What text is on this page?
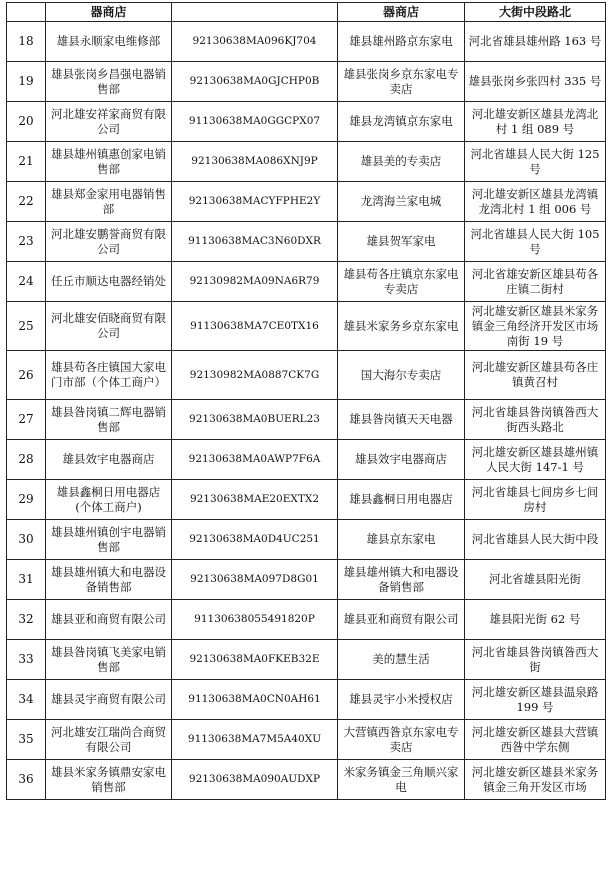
	器商店		器商店	大街中段路北
18	雄县永顺家电维修部	92130638MA096KJ704	雄县雄州路京东家电	河北省雄县雄州路 163 号
19	雄县张岗乡昌强电器销售部	92130638MA0GJCHP0B	雄县张岗乡京东家电专卖店	雄县张岗乡张四村 335 号
20	河北雄安祥家商贸有限公司	91130638MA0GGCPX07	雄县龙湾镇京东家电	河北雄安新区雄县龙湾北村 1 组 089 号
21	雄县雄州镇惠创家电销售部	92130638MA086XNJ9P	雄县美的专卖店	河北省雄县人民大街 125 号
22	雄县郑金家用电器销售部	92130638MACYFPHE2Y	龙湾海兰家电城	河北雄安新区雄县龙湾镇龙湾北村 1 组 006 号
23	河北雄安鹏誉商贸有限公司	91130638MAC3N60DXR	雄县贺军家电	河北省雄县人民大街 105 号
24	任丘市顺达电器经销处	92130982MA09NA6R79	雄县苟各庄镇京东家电专卖店	河北省雄安新区雄县苟各庄镇二街村
25	河北雄安佰晓商贸有限公司	91130638MA7CE0TX16	雄县米家务乡京东家电	河北雄安新区雄县米家务镇金三角经济开发区市场南街 19 号
26	雄县苟各庄镇国大家电门市部（个体工商户）	92130982MA0887CK7G	国大海尔专卖店	河北雄安新区雄县苟各庄镇黄召村
27	雄县昝岗镇二辉电器销售部	92130638MA0BUERL23	雄县昝岗镇天天电器	河北省雄县昝岗镇昝西大街西头路北
28	雄县效宇电器商店	92130638MA0AWP7F6A	雄县效宇电器商店	河北雄安新区雄县雄州镇人民大街 147-1 号
29	雄县鑫桐日用电器店(个体工商户)	92130638MAE20EXTX2	雄县鑫桐日用电器店	河北省雄县七间房乡七间房村
30	雄县雄州镇创宇电器销售部	92130638MA0D4UC251	雄县京东家电	河北省雄县人民大街中段
31	雄县雄州镇大和电器设备销售部	92130638MA097D8G01	雄县雄州镇大和电器设备销售部	河北省雄县阳光街
32	雄县亚和商贸有限公司	91130638055491820P	雄县亚和商贸有限公司	雄县阳光街 62 号
33	雄县昝岗镇飞美家电销售部	92130638MA0FKEB32E	美的慧生活	河北省雄县昝岗镇昝西大街
34	雄县灵宇商贸有限公司	91130638MA0CN0AH61	雄县灵宇小米授权店	河北雄安新区雄县温泉路 199 号
35	河北雄安江瑞尚合商贸有限公司	91130638MA7M5A40XU	大营镇西昝京东家电专卖店	河北雄安新区雄县大营镇西昝中学东侧
36	雄县米家务镇鼎安家电销售部	92130638MA090AUDXP	米家务镇金三角顺兴家电	河北雄安新区雄县米家务镇金三角开发区市场
